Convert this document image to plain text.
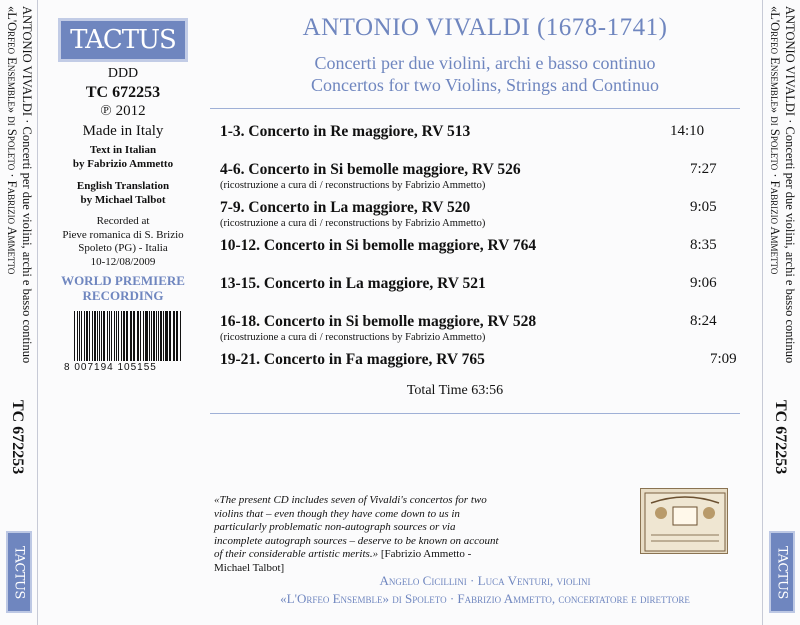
ANTONIO VIVALDI · Concerti per due violini, archi e basso continuo
«L'Orfeo Ensemble» di Spoleto · Fabrizio Ammetto
TC 672253
TACTUS
TACTUS
DDD
TC 672253
℗ 2012
Made in Italy
Text in Italian
by Fabrizio Ammetto
English Translation
by Michael Talbot
Recorded at
Pieve romanica di S. Brizio
Spoleto (PG) - Italia
10-12/08/2009
WORLD PREMIERE
RECORDING
8 007194 105155
ANTONIO VIVALDI (1678-1741)
Concerti per due violini, archi e basso continuo
Concertos for two Violins, Strings and Continuo
1-3. Concerto in Re maggiore, RV 513	14:10
4-6. Concerto in Si bemolle maggiore, RV 526	7:27
(ricostruzione a cura di / reconstructions by Fabrizio Ammetto)
7-9. Concerto in La maggiore, RV 520	9:05
(ricostruzione a cura di / reconstructions by Fabrizio Ammetto)
10-12. Concerto in Si bemolle maggiore, RV 764	8:35
13-15. Concerto in La maggiore, RV 521	9:06
16-18. Concerto in Si bemolle maggiore, RV 528	8:24
(ricostruzione a cura di / reconstructions by Fabrizio Ammetto)
19-21. Concerto in Fa maggiore, RV 765	7:09
Total Time 63:56
«The present CD includes seven of Vivaldi's concertos for two violins that – even though they have come down to us in particularly problematic non-autograph sources or via incomplete autograph sources – deserve to be known on account of their considerable artistic merits.» [Fabrizio Ammetto - Michael Talbot]
Angelo Cicillini · Luca Venturi, violini
«L'Orfeo Ensemble» di Spoleto · Fabrizio Ammetto, concertatore e direttore
ANTONIO VIVALDI · Concerti per due violini, archi e basso continuo
«L'Orfeo Ensemble» di Spoleto · Fabrizio Ammetto
TC 672253
TACTUS
